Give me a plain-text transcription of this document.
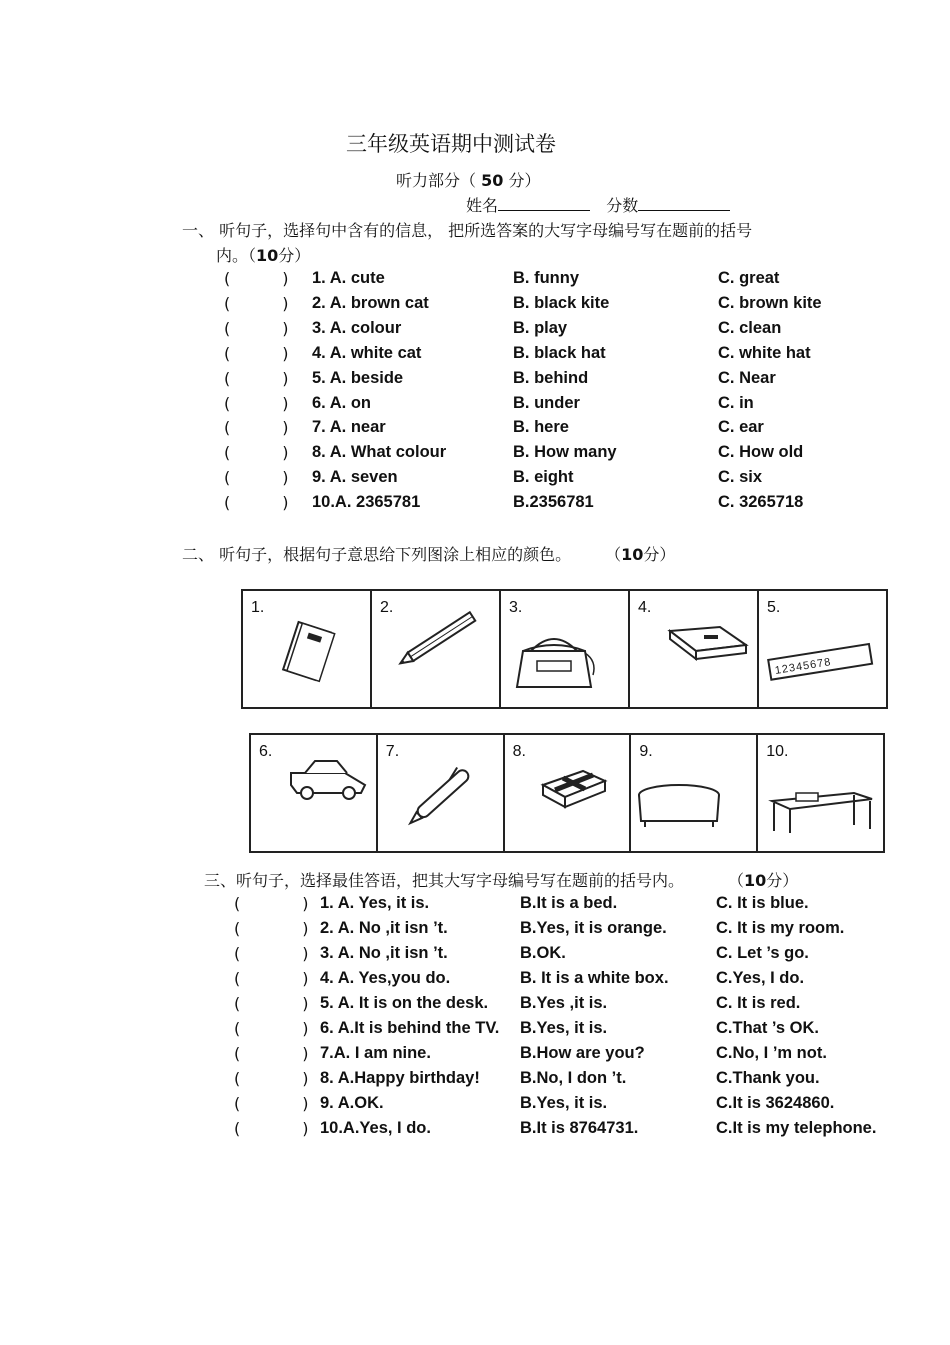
三年级英语期中测试卷
听力部分（ 50 分）
姓名	分数
一、 听句子，选择句中含有的信息， 把所选答案的大写字母编号写在题前的括号
内。（10分）
(	) 1. A. cute	B. funny	C. great
(	) 2. A. brown cat	B. black kite	C. brown kite
(	) 3. A. colour	B. play	C. clean
(	) 4. A. white cat	B. black hat	C. white hat
(	) 5. A. beside	B. behind	C. Near
(	) 6. A. on	B. under	C. in
(	) 7. A. near	B. here	C. ear
(	) 8. A. What colour	B. How many	C. How old
(	) 9. A. seven	B. eight	C. six
(	) 10.A. 2365781	B.2356781	C. 3265718
二、 听句子，根据句子意思给下列图涂上相应的颜色。 （10分）
1.	2.	3.	4.	5.
12345678
6.	7.	8.	9.	10.
三、听句子，选择最佳答语，把其大写字母编号写在题前的括号内。	（10分）
(	) 1. A. Yes, it is.	B.It is a bed.	C. It is blue.
(	) 2. A. No ,it isn ’t.	B.Yes, it is orange.	C. It is my room.
(	) 3. A. No ,it isn ’t.	B.OK.	C. Let ’s go.
(	) 4. A. Yes,you do.	B. It is a white box.	C.Yes, I do.
(	) 5. A. It is on the desk. B.Yes ,it is.	C. It is red.
(	) 6. A.It is behind the TV. B.Yes, it is.	C.That ’s OK.
(	) 7.A. I am nine.	B.How are you?	C.No, I ’m not.
(	) 8. A.Happy birthday! B.No, I don ’t.	C.Thank you.
(	) 9. A.OK.	B.Yes, it is.	C.It is 3624860.
(	) 10.A.Yes, I do.	B.It is 8764731.	C.It is my telephone.
